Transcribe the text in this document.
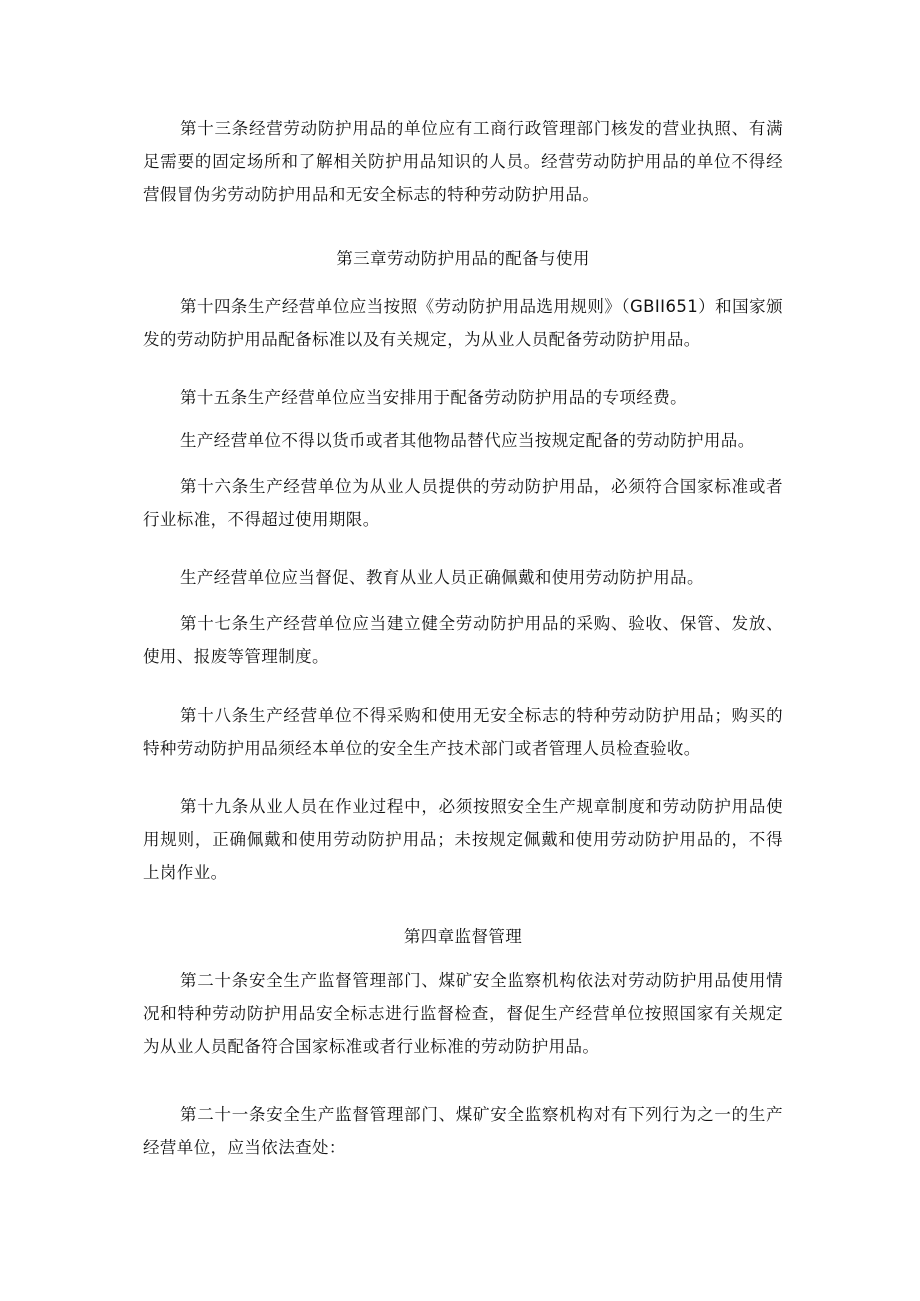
第十三条经营劳动防护用品的单位应有工商行政管理部门核发的营业执照、有满
足需要的固定场所和了解相关防护用品知识的人员。经营劳动防护用品的单位不得经
营假冒伪劣劳动防护用品和无安全标志的特种劳动防护用品。
第三章劳动防护用品的配备与使用
第十四条生产经营单位应当按照《劳动防护用品选用规则》（GBII651）和国家颁
发的劳动防护用品配备标准以及有关规定，为从业人员配备劳动防护用品。
第十五条生产经营单位应当安排用于配备劳动防护用品的专项经费。
生产经营单位不得以货币或者其他物品替代应当按规定配备的劳动防护用品。
第十六条生产经营单位为从业人员提供的劳动防护用品，必须符合国家标准或者
行业标准，不得超过使用期限。
生产经营单位应当督促、教育从业人员正确佩戴和使用劳动防护用品。
第十七条生产经营单位应当建立健全劳动防护用品的采购、验收、保管、发放、
使用、报废等管理制度。
第十八条生产经营单位不得采购和使用无安全标志的特种劳动防护用品；购买的
特种劳动防护用品须经本单位的安全生产技术部门或者管理人员检查验收。
第十九条从业人员在作业过程中，必须按照安全生产规章制度和劳动防护用品使
用规则，正确佩戴和使用劳动防护用品；未按规定佩戴和使用劳动防护用品的，不得
上岗作业。
第四章监督管理
第二十条安全生产监督管理部门、煤矿安全监察机构依法对劳动防护用品使用情
况和特种劳动防护用品安全标志进行监督检查，督促生产经营单位按照国家有关规定
为从业人员配备符合国家标准或者行业标准的劳动防护用品。
第二十一条安全生产监督管理部门、煤矿安全监察机构对有下列行为之一的生产
经营单位，应当依法查处：
